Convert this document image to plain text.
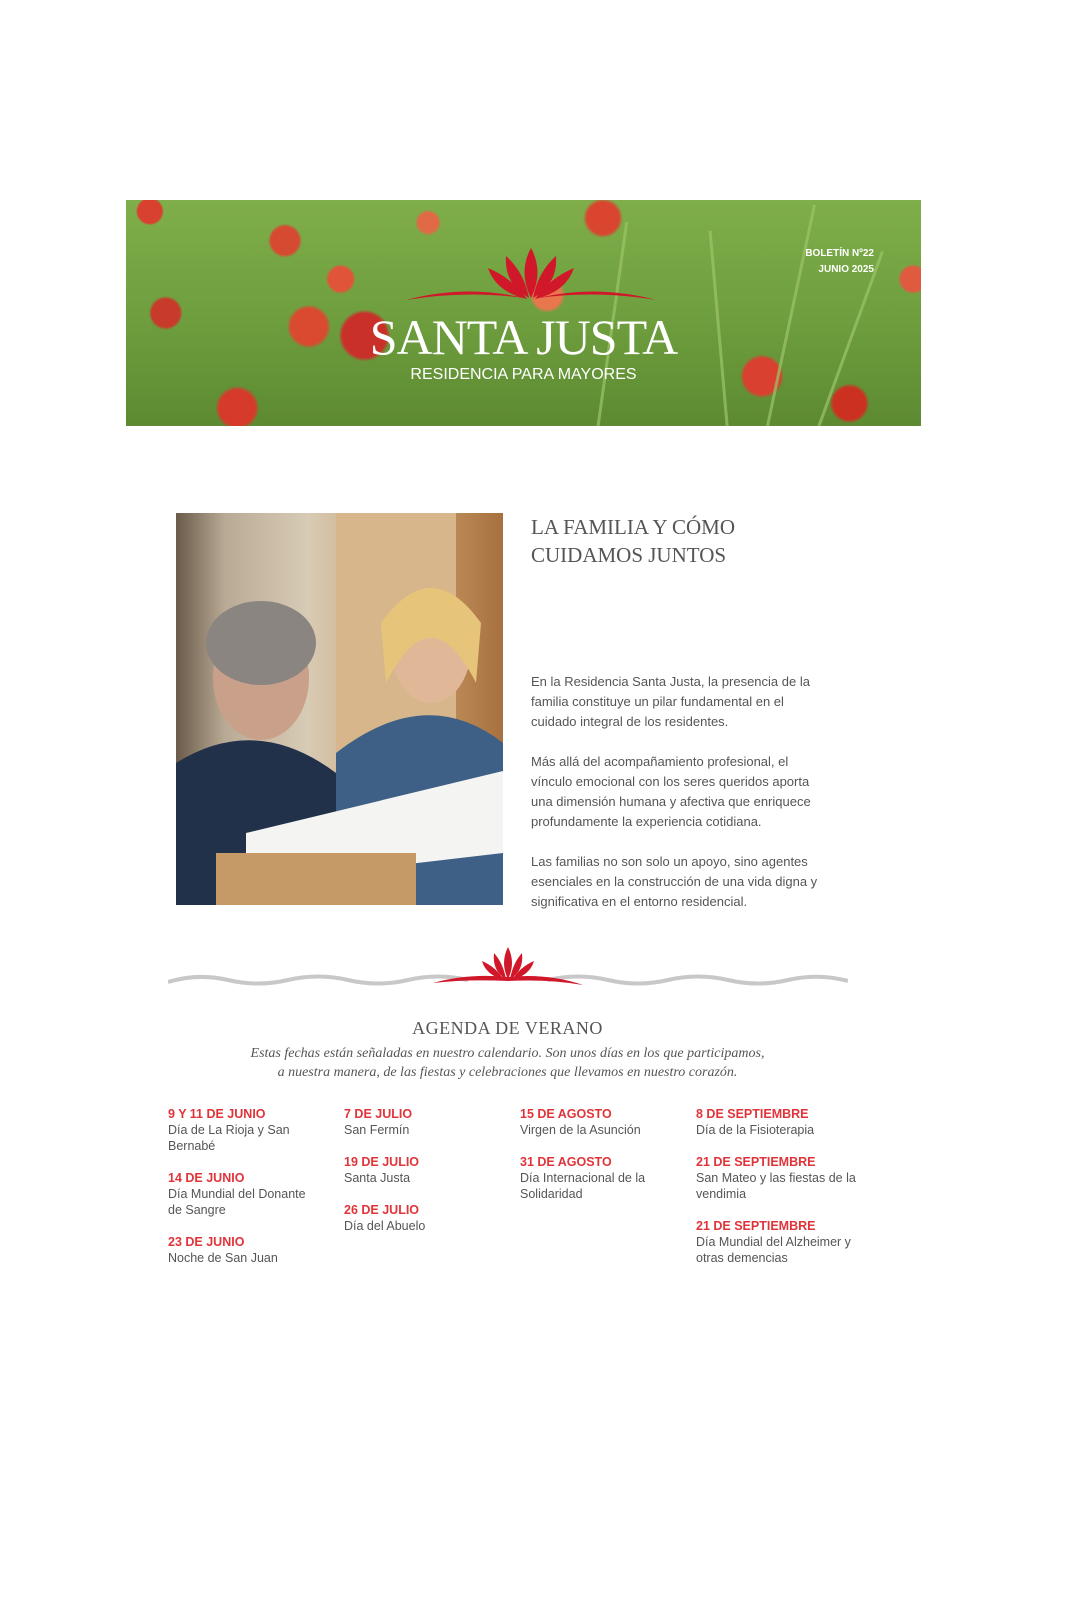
BOLETÍN Nº22
JUNIO 2025
SANTA JUSTA
RESIDENCIA PARA MAYORES
LA FAMILIA Y CÓMO
CUIDAMOS JUNTOS

En la Residencia Santa Justa, la presencia de la familia constituye un pilar fundamental en el cuidado integral de los residentes.

Más allá del acompañamiento profesional, el vínculo emocional con los seres queridos aporta una dimensión humana y afectiva que enriquece profundamente la experiencia cotidiana.

Las familias no son solo un apoyo, sino agentes esenciales en la construcción de una vida digna y significativa en el entorno residencial.

AGENDA DE VERANO
Estas fechas están señaladas en nuestro calendario. Son unos días en los que participamos,
a nuestra manera, de las fiestas y celebraciones que llevamos en nuestro corazón.
9 Y 11 DE JUNIO
Día de La Rioja y San Bernabé
14 DE JUNIO
Día Mundial del Donante de Sangre
23 DE JUNIO
Noche de San Juan
7 DE JULIO
San Fermín
19 DE JULIO
Santa Justa
26 DE JULIO
Día del Abuelo
15 DE AGOSTO
Virgen de la Asunción
31 DE AGOSTO
Día Internacional de la Solidaridad
8 DE SEPTIEMBRE
Día de la Fisioterapia
21 DE SEPTIEMBRE
San Mateo y las fiestas de la vendimia
21 DE SEPTIEMBRE
Día Mundial del Alzheimer y otras demencias
